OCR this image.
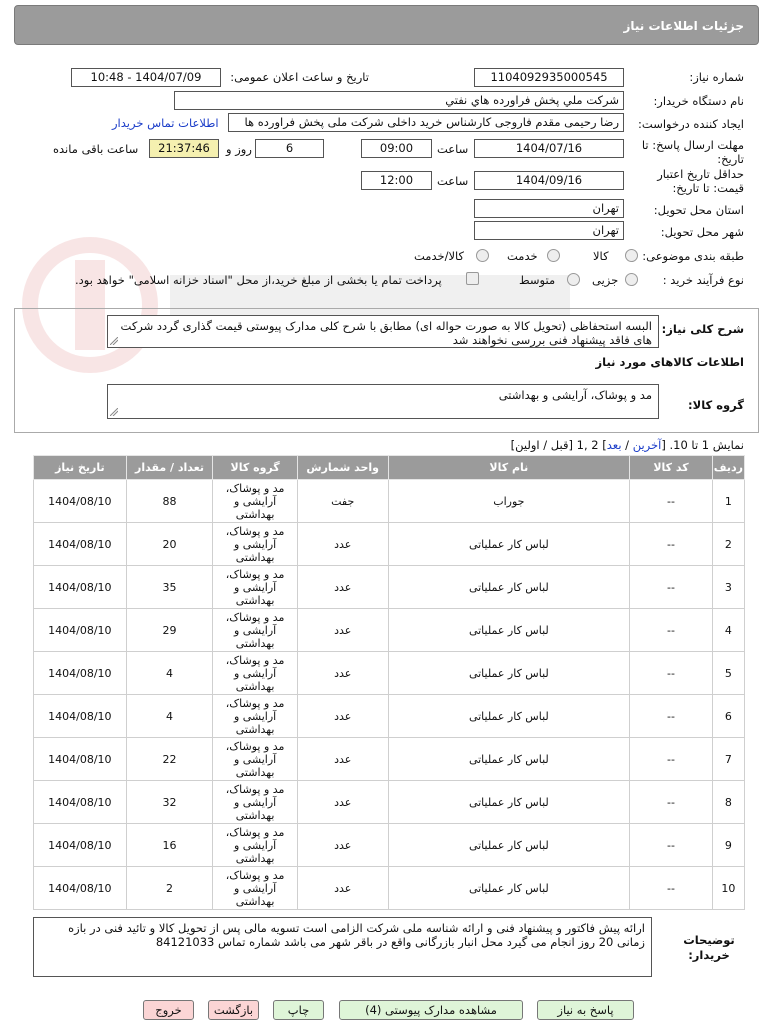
جزئیات اطلاعات نیاز
شماره نیاز:
1104092935000545
تاریخ و ساعت اعلان عمومی:
1404/07/09 - 10:48
نام دستگاه خریدار:
شركت ملي پخش فراورده هاي نفتي
ایجاد کننده درخواست:
رضا رحیمی مقدم فاروجی کارشناس خرید داخلی شرکت ملی پخش فراورده ها
اطلاعات تماس خریدار
مهلت ارسال پاسخ: تا تاریخ:
1404/07/16
ساعت
09:00
6
روز و
21:37:46
ساعت باقی مانده
حداقل تاریخ اعتبار قیمت: تا تاریخ:
1404/09/16
ساعت
12:00
استان محل تحویل:
تهران
شهر محل تحویل:
تهران
طبقه بندی موضوعی:
کالا
خدمت
کالا/خدمت
نوع فرآیند خرید :
جزیی
متوسط
پرداخت تمام یا بخشی از مبلغ خرید،از محل "اسناد خزانه اسلامی" خواهد بود.
شرح کلی نیاز:
البسه استحفاظی (تحویل کالا به صورت حواله ای) مطابق با شرح کلی مدارک پیوستی قیمت گذاری گردد شرکت های فاقد پیشنهاد فنی بررسی نخواهند شد
اطلاعات کالاهای مورد نیاز
گروه کالا:
مد و پوشاک، آرایشی و بهداشتی
نمایش 1 تا 10. [آخرین / بعد] 2 ,1 [قبل / اولین]
ردیف	کد کالا	نام کالا	واحد شمارش	گروه کالا	تعداد / مقدار	تاریخ نیاز
1	--	جوراب	جفت	مد و پوشاک، آرایشی و بهداشتی	88	1404/08/10
2	--	لباس کار عملیاتی	عدد	مد و پوشاک، آرایشی و بهداشتی	20	1404/08/10
3	--	لباس کار عملیاتی	عدد	مد و پوشاک، آرایشی و بهداشتی	35	1404/08/10
4	--	لباس کار عملیاتی	عدد	مد و پوشاک، آرایشی و بهداشتی	29	1404/08/10
5	--	لباس کار عملیاتی	عدد	مد و پوشاک، آرایشی و بهداشتی	4	1404/08/10
6	--	لباس کار عملیاتی	عدد	مد و پوشاک، آرایشی و بهداشتی	4	1404/08/10
7	--	لباس کار عملیاتی	عدد	مد و پوشاک، آرایشی و بهداشتی	22	1404/08/10
8	--	لباس کار عملیاتی	عدد	مد و پوشاک، آرایشی و بهداشتی	32	1404/08/10
9	--	لباس کار عملیاتی	عدد	مد و پوشاک، آرایشی و بهداشتی	16	1404/08/10
10	--	لباس کار عملیاتی	عدد	مد و پوشاک، آرایشی و بهداشتی	2	1404/08/10
توضیحات خریدار:
ارائه پیش فاکتور و پیشنهاد فنی و ارائه شناسه ملی شرکت الزامی است تسویه مالی پس از تحویل کالا و تائید فنی در بازه زمانی 20 روز انجام می گیرد محل انبار بازرگانی واقع در باقر شهر می باشد شماره تماس 84121033
پاسخ به نیاز
مشاهده مدارک پیوستی (4)
چاپ
بازگشت
خروج
